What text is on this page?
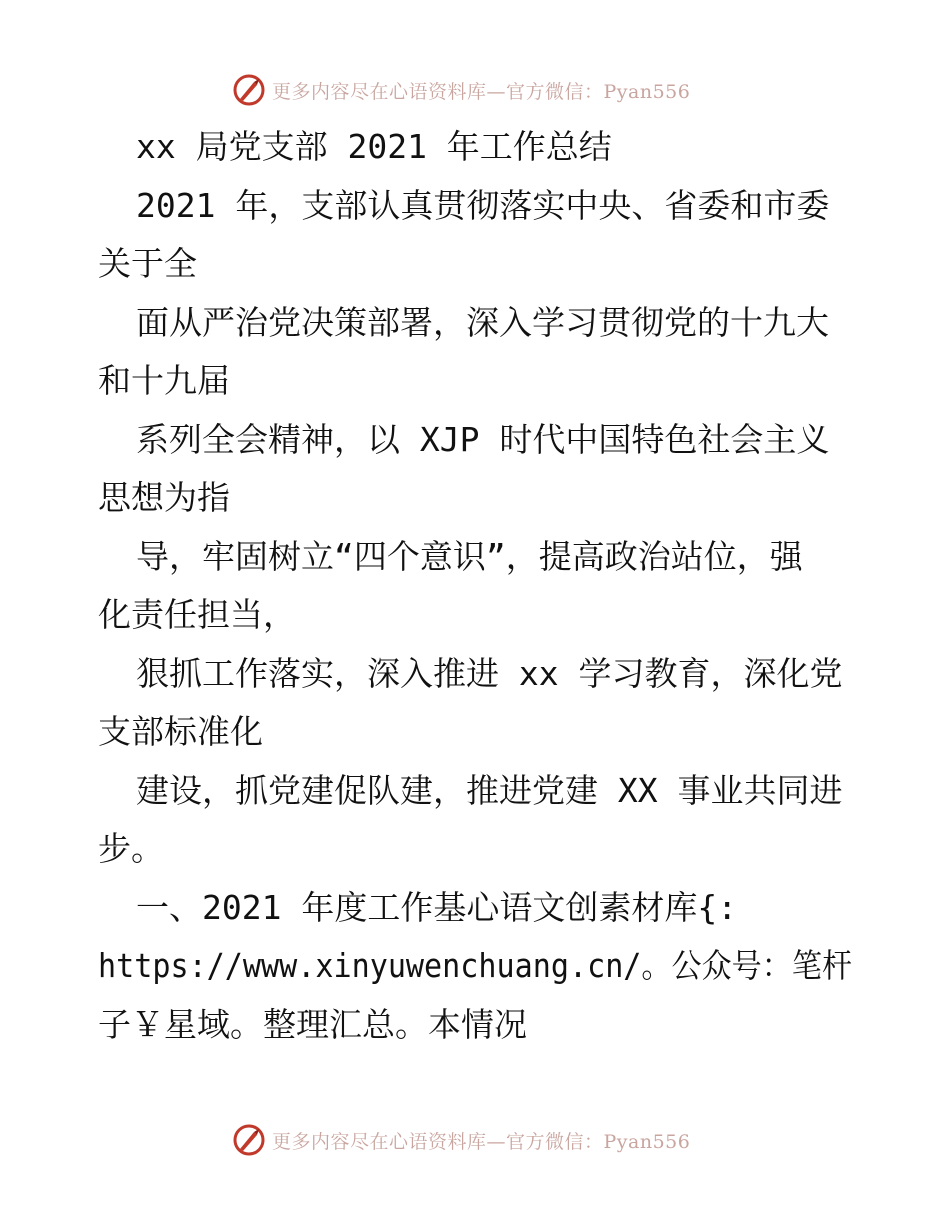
更多内容尽在心语资料库—官方微信：Pyan556

xx 局党支部 2021 年工作总结

2021 年，支部认真贯彻落实中央、省委和市委

关于全

面从严治党决策部署，深入学习贯彻党的十九大

和十九届

系列全会精神，以 XJP 时代中国特色社会主义

思想为指

导，牢固树立“四个意识”，提高政治站位，强

化责任担当，

狠抓工作落实，深入推进 xx 学习教育，深化党

支部标准化

建设，抓党建促队建，推进党建 XX 事业共同进

步。

一、2021 年度工作基心语文创素材库{:

https://www.xinyuwenchuang.cn/。公众号：笔杆

子￥星域。整理汇总。本情况

更多内容尽在心语资料库—官方微信：Pyan556
